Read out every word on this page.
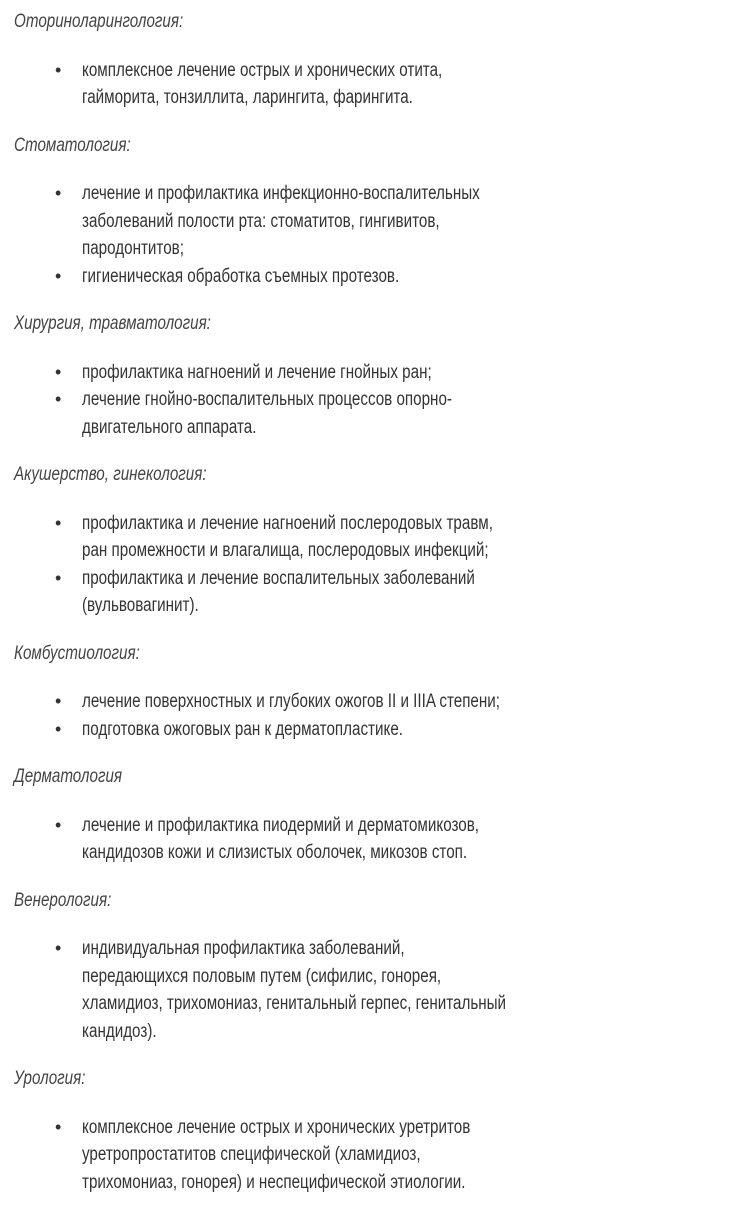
Оториноларингология:
• комплексное лечение острых и хронических отита,
гайморита, тонзиллита, ларингита, фарингита.
Стоматология:
• лечение и профилактика инфекционно-воспалительных
заболеваний полости рта: стоматитов, гингивитов,
пародонтитов;
• гигиеническая обработка съемных протезов.
Хирургия, травматология:
• профилактика нагноений и лечение гнойных ран;
• лечение гнойно-воспалительных процессов опорно-
двигательного аппарата.
Акушерство, гинекология:
• профилактика и лечение нагноений послеродовых травм,
ран промежности и влагалища, послеродовых инфекций;
• профилактика и лечение воспалительных заболеваний
(вульвовагинит).
Комбустиология:
• лечение поверхностных и глубоких ожогов II и IIIA степени;
• подготовка ожоговых ран к дерматопластике.
Дерматология
• лечение и профилактика пиодермий и дерматомикозов,
кандидозов кожи и слизистых оболочек, микозов стоп.
Венерология:
• индивидуальная профилактика заболеваний,
передающихся половым путем (сифилис, гонорея,
хламидиоз, трихомониаз, генитальный герпес, генитальный
кандидоз).
Урология:
• комплексное лечение острых и хронических уретритов
уретропростатитов специфической (хламидиоз,
трихомониаз, гонорея) и неспецифической этиологии.
